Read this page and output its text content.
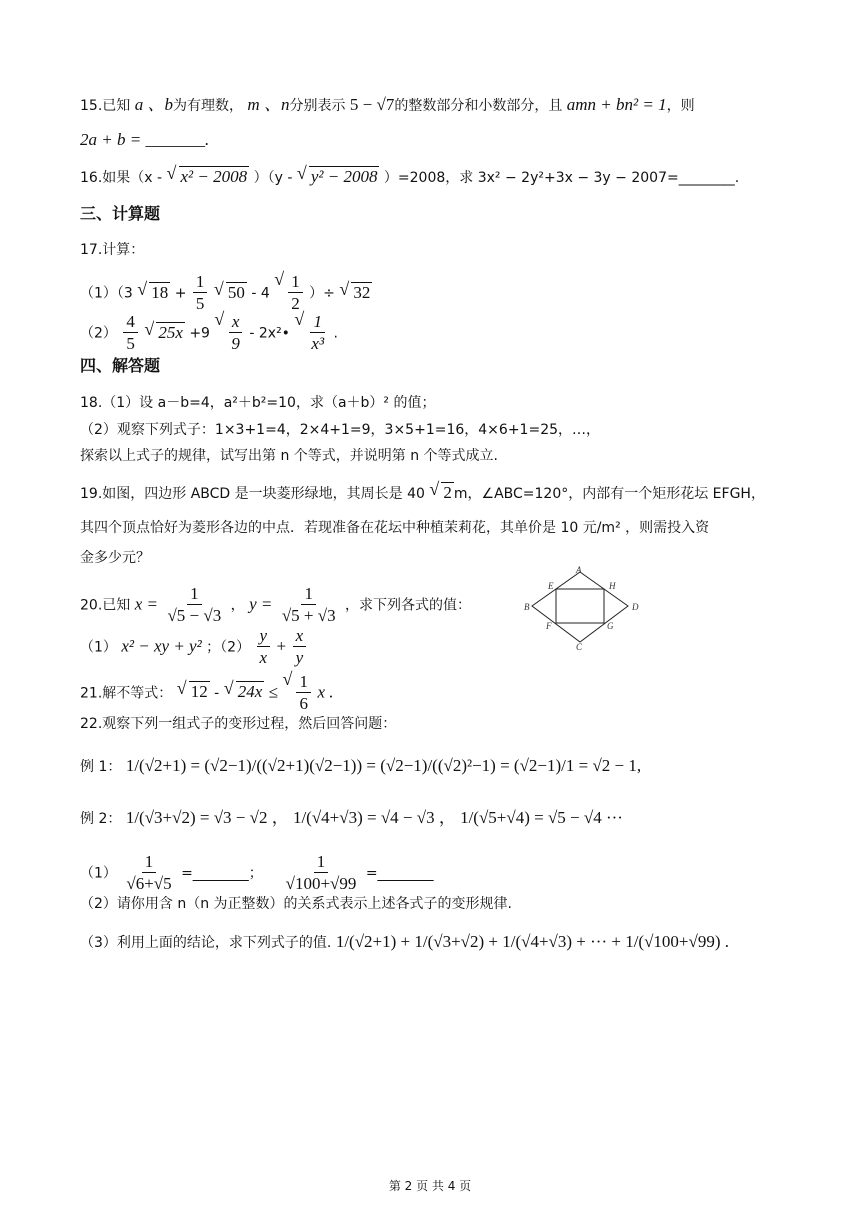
15.已知 a 、b为有理数， m 、n分别表示 5 − √7的整数部分和小数部分，且 amn + bn² = 1，则
2a + b = _______.
16.如果（x - √ x² − 2008 ）（y - √ y² − 2008 ）=2008，求 3x² − 2y²+3x − 3y − 2007=________.
三、计算题
17.计算：
（1）（3 √ $18 + \frac{1}{5}$ √ 50 - 4 √ $\frac{1}{2}$ ）÷ √ 32
$(2) \frac{4}{5}$ √ 25x +9 √ $\frac{x}{9}$ - 2x²• √ $\frac{1}{\text{x³}}$ .
四、解答题
18.（1）设 a－b=4，a²＋b²=10，求（a＋b）² 的值；
（2）观察下列式子：1×3+1=4，2×4+1=9，3×5+1=16，4×6+1=25，…，
探索以上式子的规律，试写出第 n 个等式，并说明第 n 个等式成立.
19.如图，四边形 ABCD 是一块菱形绿地，其周长是 40 √ 2 m，∠ABC=120°，内部有一个矩形花坛 EFGH，
其四个顶点恰好为菱形各边的中点．若现准备在花坛中种植茉莉花，其单价是 10 元/m² ，则需投入资
金多少元？
20.已知 $x = \frac{1}{√5 - √3}$ ， $y = \frac{1}{√5 + √3}$ ，求下列各式的值：
（1） x² − xy + y² ；$(2) \frac{y}{x} + \frac{x}{y}$
A
H
B
E
D
F	G
C
21.解不等式： √ 12 - √ 24x ≤ √ $\frac{1}{6}$ x .
22.观察下列一组式子的变形过程，然后回答问题：
例 1： 1/(√2+1) = (√2−1)/((√2+1)(√2−1)) = (√2−1)/((√2)²−1) = (√2−1)/1 = √2 − 1,
例 2： 1/(√3+√2) = √3 − √2 ， 1/(√4+√3) = √4 − √3 ， 1/(√5+√4) = √5 − √4 ···
$(1) \frac{1}{√6+√5}$ =________； $\frac{1}{√100+√99}$ =________
（2）请你用含 n（n 为正整数）的关系式表示上述各式子的变形规律.
（3）利用上面的结论，求下列式子的值. 1/(√2+1) + 1/(√3+√2) + 1/(√4+√3) + ··· + 1/(√100+√99) .
第 2 页 共 4 页
